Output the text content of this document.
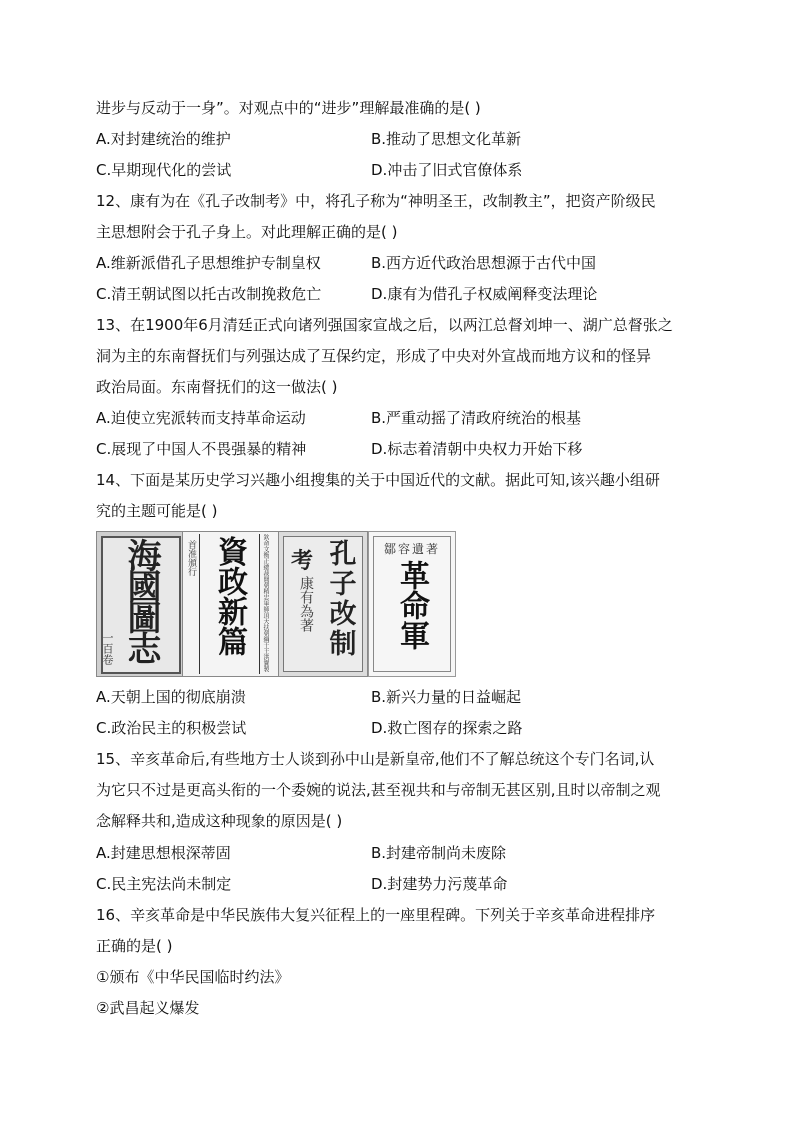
进步与反动于一身”。对观点中的“进步”理解最准确的是( )
A.对封建统治的维护	B.推动了思想文化革新
C.早期现代化的尝试	D.冲击了旧式官僚体系
12、康有为在《孔子改制考》中，将孔子称为“神明圣王，改制教主”，把资产阶级民
主思想附会于孔子身上。对此理解正确的是( )
A.维新派借孔子思想维护专制皇权	B.西方近代政治思想源于古代中国
C.清王朝试图以托古改制挽救危亡	D.康有为借孔子权威阐释变法理论
13、在1900年6月清廷正式向诸列强国家宣战之后，以两江总督刘坤一、湖广总督张之
洞为主的东南督抚们与列强达成了互保约定，形成了中央对外宣战而地方议和的怪异
政治局面。东南督抚们的这一做法( )
A.迫使立宪派转而支持革命运动	B.严重动摇了清政府统治的根基
C.展现了中国人不畏强暴的精神	D.标志着清朝中央权力开始下移
14、下面是某历史学习兴趣小组搜集的关于中国近代的文献。据此可知,该兴趣小组研
究的主题可能是( )
海國圖志
一百卷
首准頒行 資政新篇	欽命文衡正總裁開朝精忠軍師頂天扶朝綱干王洪寶製 孔子改制
考
康有為著
鄒容遺著
革命軍
A.天朝上国的彻底崩溃	B.新兴力量的日益崛起
C.政治民主的积极尝试	D.救亡图存的探索之路
15、辛亥革命后,有些地方士人谈到孙中山是新皇帝,他们不了解总统这个专门名词,认
为它只不过是更高头衔的一个委婉的说法,甚至视共和与帝制无甚区别,且时以帝制之观
念解释共和,造成这种现象的原因是( )
A.封建思想根深蒂固	B.封建帝制尚未废除
C.民主宪法尚未制定	D.封建势力污蔑革命
16、辛亥革命是中华民族伟大复兴征程上的一座里程碑。下列关于辛亥革命进程排序
正确的是( )
①颁布《中华民国临时约法》
②武昌起义爆发
